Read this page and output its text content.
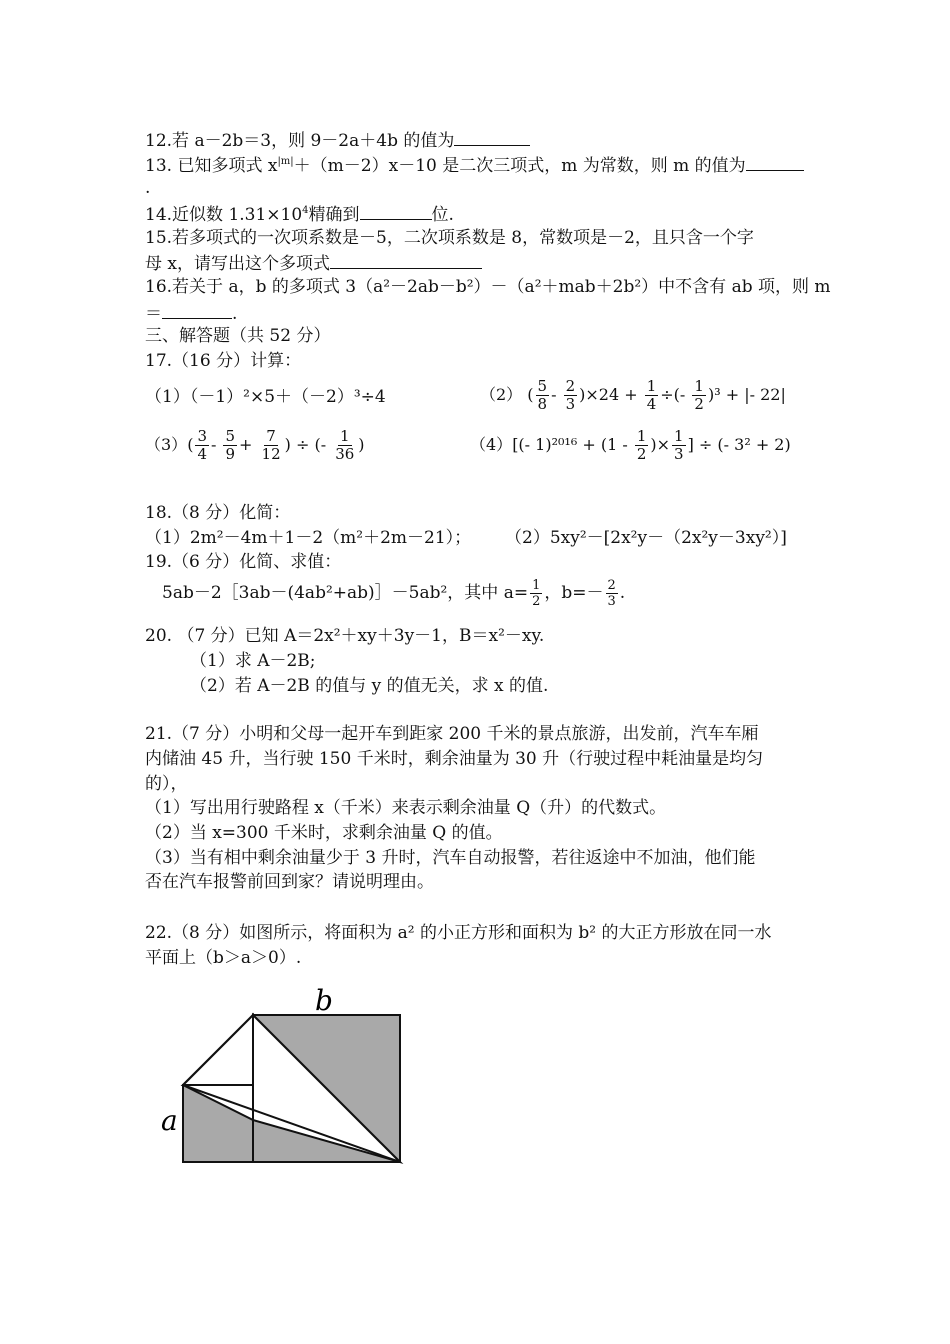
12.若 a－2b＝3，则 9－2a＋4b 的值为
13. 已知多项式 $x^{|m|}+(m-2)x-10$ 是二次三项式，m 为常数，则 m 的值为
.
14.近似数 $1.31\times 10^4$精确到	位.
15.若多项式的一次项系数是－5，二次项系数是 8，常数项是－2，且只含一个字
母 x，请写出这个多项式
16.若关于 a，b 的多项式 3（a²－2ab－b²）－（a²＋mab＋2b²）中不含有 ab 项，则 m
＝	.
三、解答题（共 52 分）
17.（16 分）计算：
（1）（－1）²×5＋（－2）³÷4	（2） ( $\frac{5}{8} - \frac{2}{3} )\times 24 + \frac{1}{4}$ ÷(- $\frac{1}{2} )^3$ + |- 22|
$(3)( \frac{3}{4} - \frac{5}{9} + \frac{7}{12}$ ) ÷ (- $\frac{1}{36}$ )	（4）[(- $1)^{2016} + (1 - \frac{1}{2}$ )× $\frac{1}{3}$ ] ÷ (- 3² + 2)
18.（8 分）化简：
（1）2m²－4m＋1－2（m²＋2m－21）； （2）5xy²－[2x²y－（2x²y－3xy²）]
19.（6 分）化简、求值：
5ab－2［3ab－(4ab²+ab)］－5ab²，其中 $a= \frac{1}{2}$ ，$b=- \frac{2}{3}$ .
20. （7 分）已知 A＝2x²＋xy＋3y－1，B＝x²－xy.
（1）求 A－2B;
（2）若 A－2B 的值与 y 的值无关，求 x 的值.
21.（7 分）小明和父母一起开车到距家 200 千米的景点旅游，出发前，汽车车厢
内储油 45 升，当行驶 150 千米时，剩余油量为 30 升（行驶过程中耗油量是均匀
的），
（1）写出用行驶路程 x（千米）来表示剩余油量 Q（升）的代数式。
（2）当 x=300 千米时，求剩余油量 Q 的值。
（3）当有相中剩余油量少于 3 升时，汽车自动报警，若往返途中不加油，他们能
否在汽车报警前回到家？请说明理由。
22.（8 分）如图所示，将面积为 a² 的小正方形和面积为 b² 的大正方形放在同一水
平面上（b＞a＞0）.
b
a
